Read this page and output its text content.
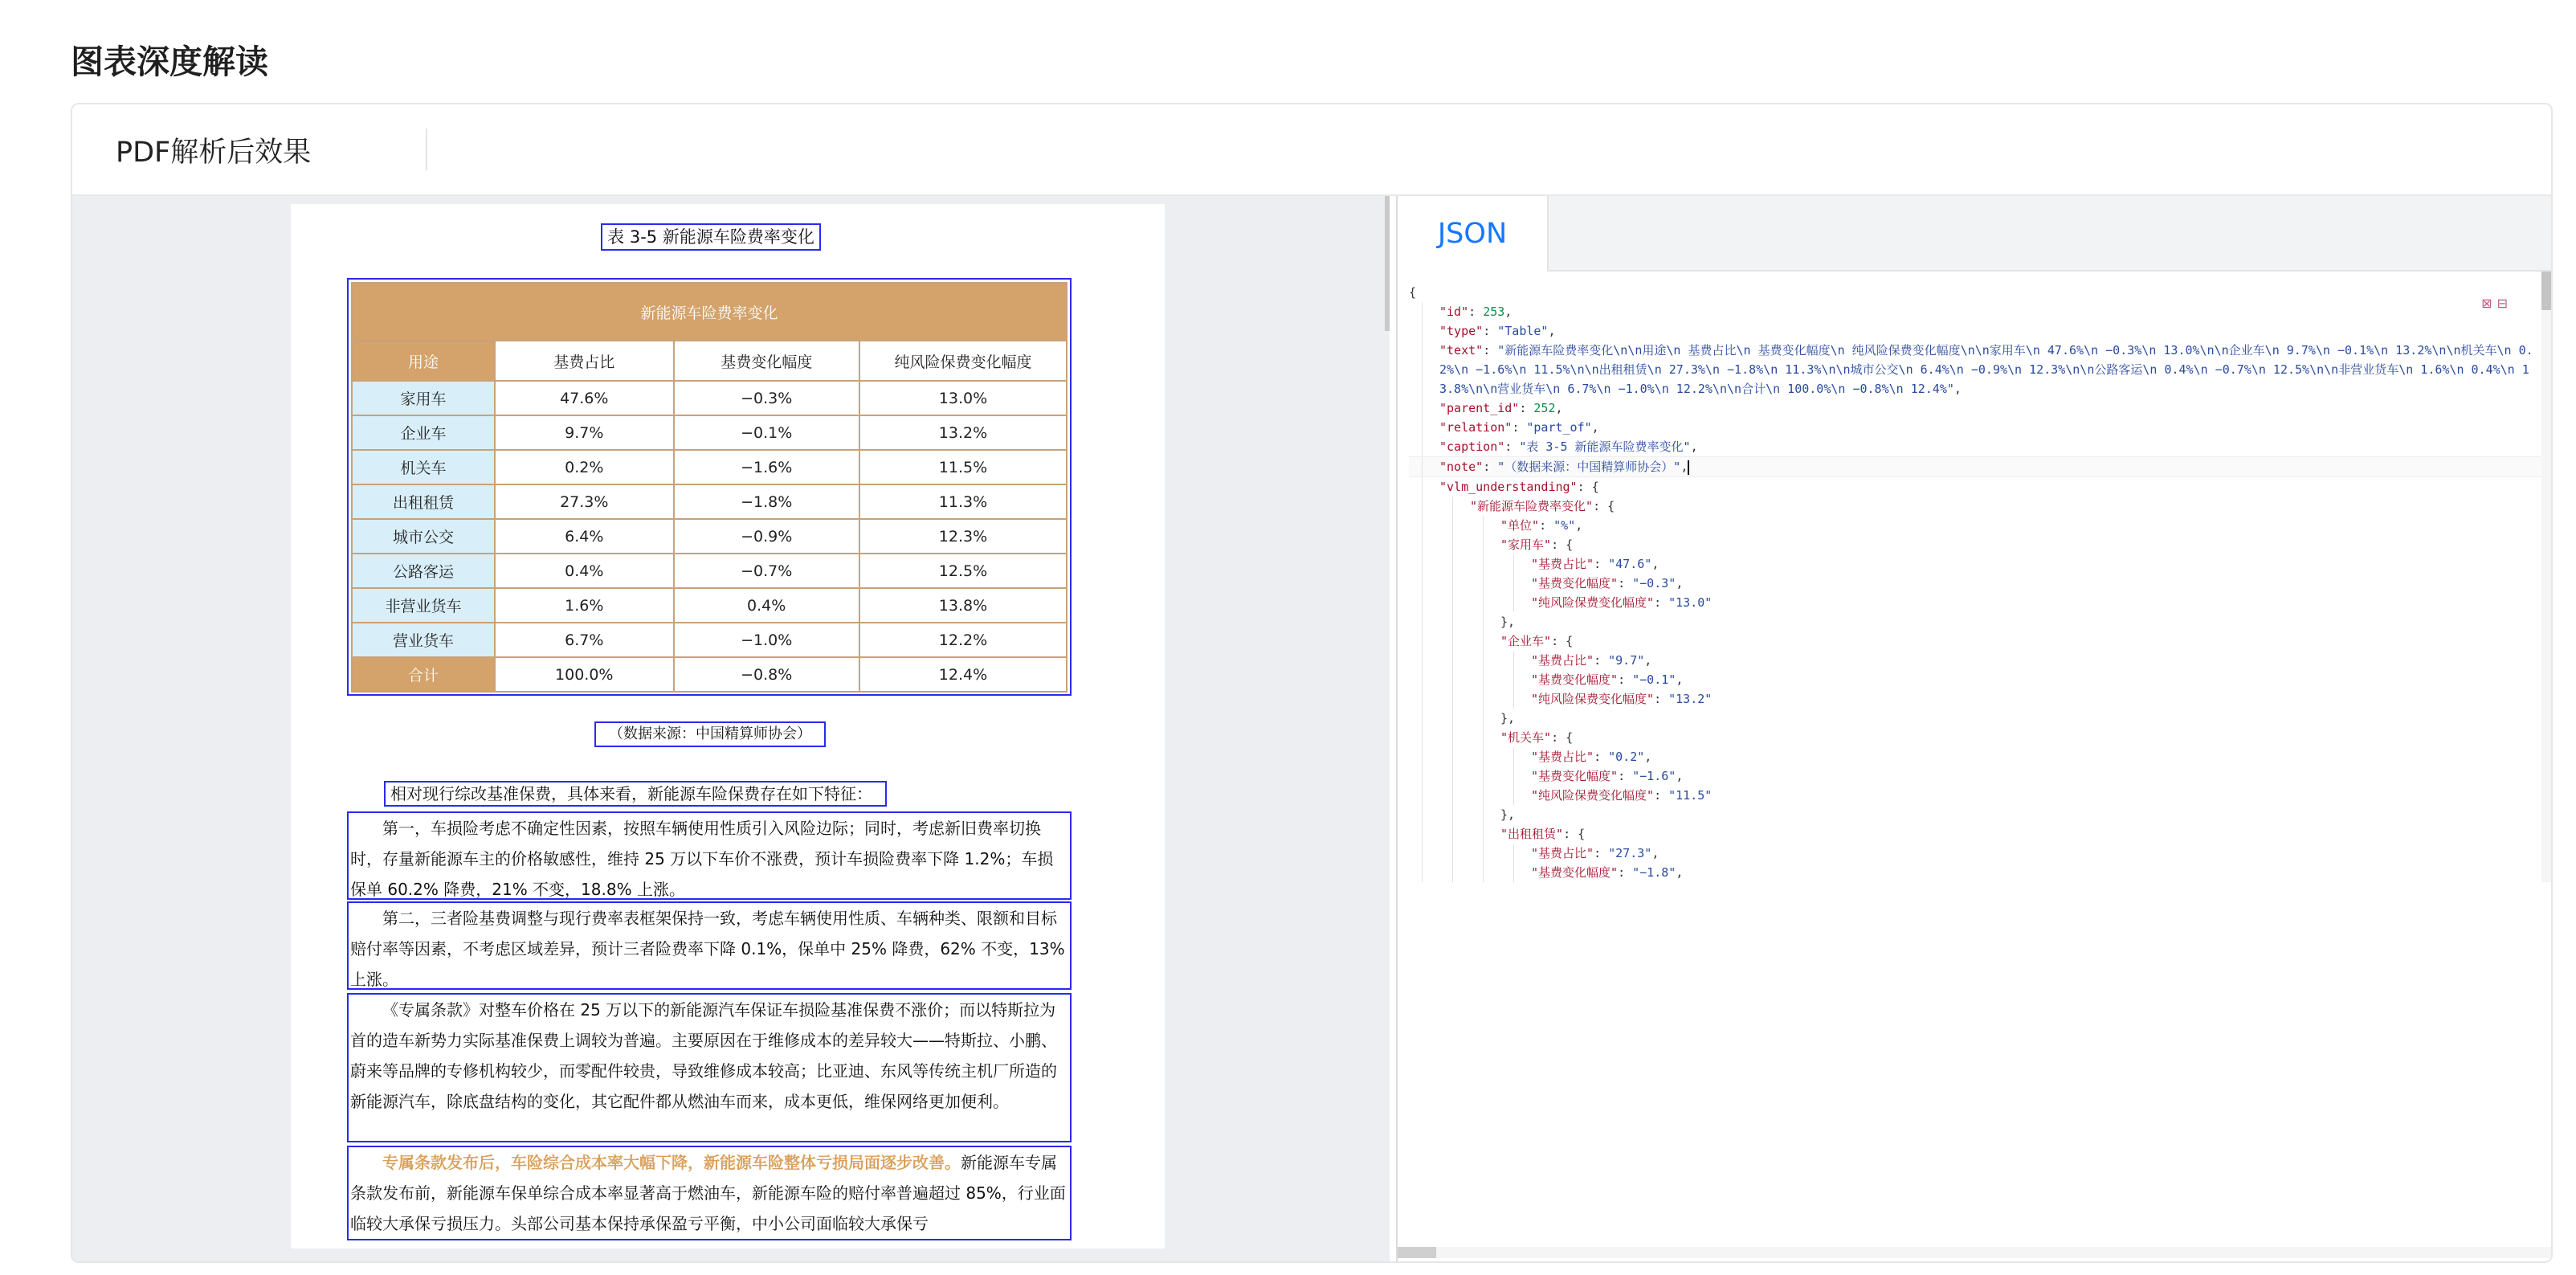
图表深度解读
PDF解析后效果
表 3-5 新能源车险费率变化
新能源车险费率变化			
用途	基费占比	基费变化幅度	纯风险保费变化幅度
家用车	47.6%	−0.3%	13.0%
企业车	9.7%	−0.1%	13.2%
机关车	0.2%	−1.6%	11.5%
出租租赁	27.3%	−1.8%	11.3%
城市公交	6.4%	−0.9%	12.3%
公路客运	0.4%	−0.7%	12.5%
非营业货车	1.6%	0.4%	13.8%
营业货车	6.7%	−1.0%	12.2%
合计	100.0%	−0.8%	12.4%
（数据来源：中国精算师协会）
相对现行综改基准保费，具体来看，新能源车险保费存在如下特征：
第一，车损险考虑不确定性因素，按照车辆使用性质引入风险边际；同时，考虑新旧费率切换时，存量新能源车主的价格敏感性，维持 25 万以下车价不涨费，预计车损险费率下降 1.2%；车损保单 60.2% 降费，21% 不变，18.8% 上涨。
第二，三者险基费调整与现行费率表框架保持一致，考虑车辆使用性质、车辆种类、限额和目标赔付率等因素，不考虑区域差异，预计三者险费率下降 0.1%，保单中 25% 降费，62% 不变，13% 上涨。
《专属条款》对整车价格在 25 万以下的新能源汽车保证车损险基准保费不涨价；而以特斯拉为首的造车新势力实际基准保费上调较为普遍。主要原因在于维修成本的差异较大——特斯拉、小鹏、蔚来等品牌的专修机构较少，而零配件较贵，导致维修成本较高；比亚迪、东风等传统主机厂所造的新能源汽车，除底盘结构的变化，其它配件都从燃油车而来，成本更低，维保网络更加便利。
专属条款发布后，车险综合成本率大幅下降，新能源车险整体亏损局面逐步改善。新能源车专属条款发布前，新能源车保单综合成本率显著高于燃油车，新能源车险的赔付率普遍超过 85%，行业面临较大承保亏损压力。头部公司基本保持承保盈亏平衡，中小公司面临较大承保亏
JSON
⊠⊟
{
"id": 253,
"type": "Table",
"text": "新能源车险费率变化\n\n用途\n 基费占比\n 基费变化幅度\n 纯风险保费变化幅度\n\n家用车\n 47.6%\n −0.3%\n 13.0%\n\n企业车\n 9.7%\n −0.1%\n 13.2%\n\n机关车\n 0.2%\n −1.6%\n 11.5%\n\n出租租赁\n 27.3%\n −1.8%\n 11.3%\n\n城市公交\n 6.4%\n −0.9%\n 12.3%\n\n公路客运\n 0.4%\n −0.7%\n 12.5%\n\n非营业货车\n 1.6%\n 0.4%\n 13.8%\n\n营业货车\n 6.7%\n −1.0%\n 12.2%\n\n合计\n 100.0%\n −0.8%\n 12.4%",
"parent_id": 252,
"relation": "part_of",
"caption": "表 3-5 新能源车险费率变化",
"note": "（数据来源：中国精算师协会）",
"vlm_understanding": {
"新能源车险费率变化": {
"单位": "%",
"家用车": {
"基费占比": "47.6",
"基费变化幅度": "−0.3",
"纯风险保费变化幅度": "13.0"
},
"企业车": {
"基费占比": "9.7",
"基费变化幅度": "−0.1",
"纯风险保费变化幅度": "13.2"
},
"机关车": {
"基费占比": "0.2",
"基费变化幅度": "−1.6",
"纯风险保费变化幅度": "11.5"
},
"出租租赁": {
"基费占比": "27.3",
"基费变化幅度": "−1.8",
